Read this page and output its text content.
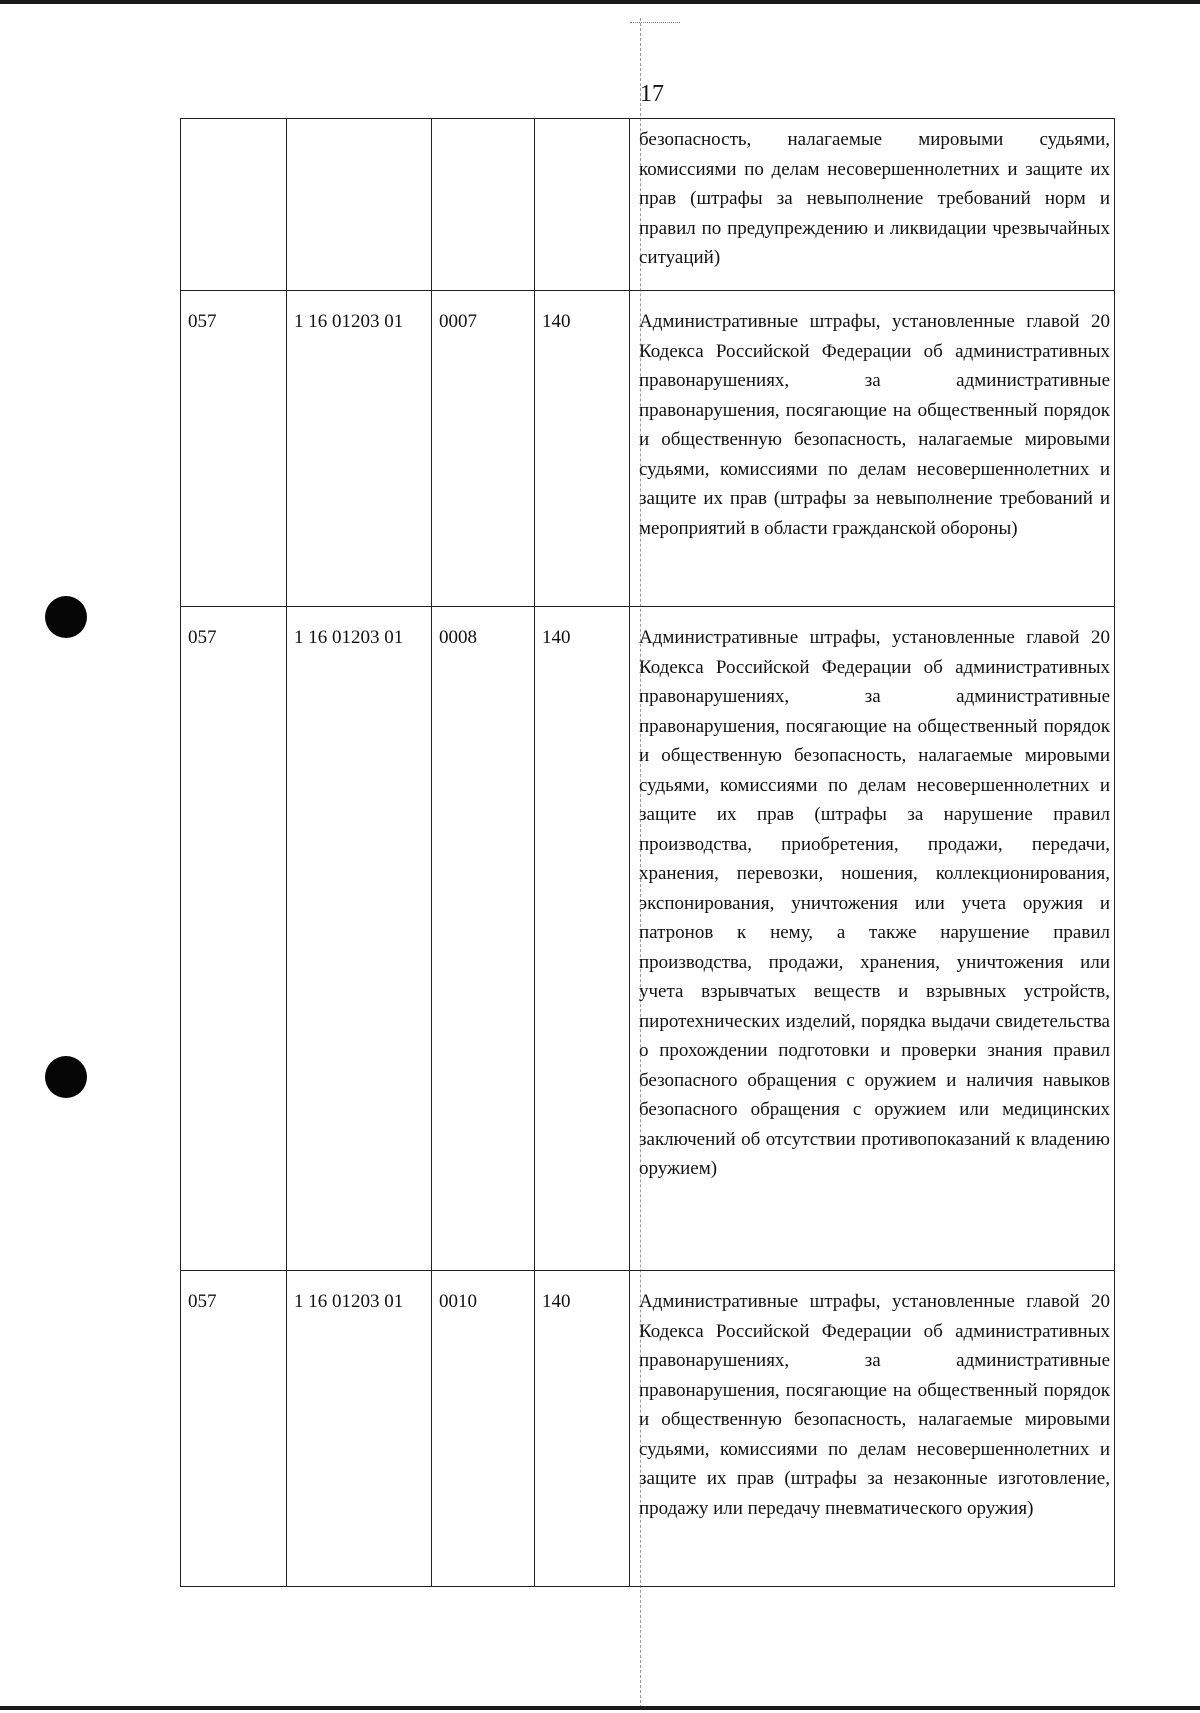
17
				безопасность, налагаемые мировыми судьями, комиссиями по делам несовершеннолетних и защите их прав (штрафы за невыполнение требований норм и правил по предупреждению и ликвидации чрезвычайных ситуаций)
057	1 16 01203 01	0007	140	Административные штрафы, установленные главой 20 Кодекса Российской Федерации об административных правонарушениях, за административные правонарушения, посягающие на общественный порядок и общественную безопасность, налагаемые мировыми судьями, комиссиями по делам несовершеннолетних и защите их прав (штрафы за невыполнение требований и мероприятий в области гражданской обороны)
057	1 16 01203 01	0008	140	Административные штрафы, установленные главой 20 Кодекса Российской Федерации об административных правонарушениях, за административные правонарушения, посягающие на общественный порядок и общественную безопасность, налагаемые мировыми судьями, комиссиями по делам несовершеннолетних и защите их прав (штрафы за нарушение правил производства, приобретения, продажи, передачи, хранения, перевозки, ношения, коллекционирования, экспонирования, уничтожения или учета оружия и патронов к нему, а также нарушение правил производства, продажи, хранения, уничтожения или учета взрывчатых веществ и взрывных устройств, пиротехнических изделий, порядка выдачи свидетельства о прохождении подготовки и проверки знания правил безопасного обращения с оружием и наличия навыков безопасного обращения с оружием или медицинских заключений об отсутствии противопоказаний к владению оружием)
057	1 16 01203 01	0010	140	Административные штрафы, установленные главой 20 Кодекса Российской Федерации об административных правонарушениях, за административные правонарушения, посягающие на общественный порядок и общественную безопасность, налагаемые мировыми судьями, комиссиями по делам несовершеннолетних и защите их прав (штрафы за незаконные изготовление, продажу или передачу пневматического оружия)
